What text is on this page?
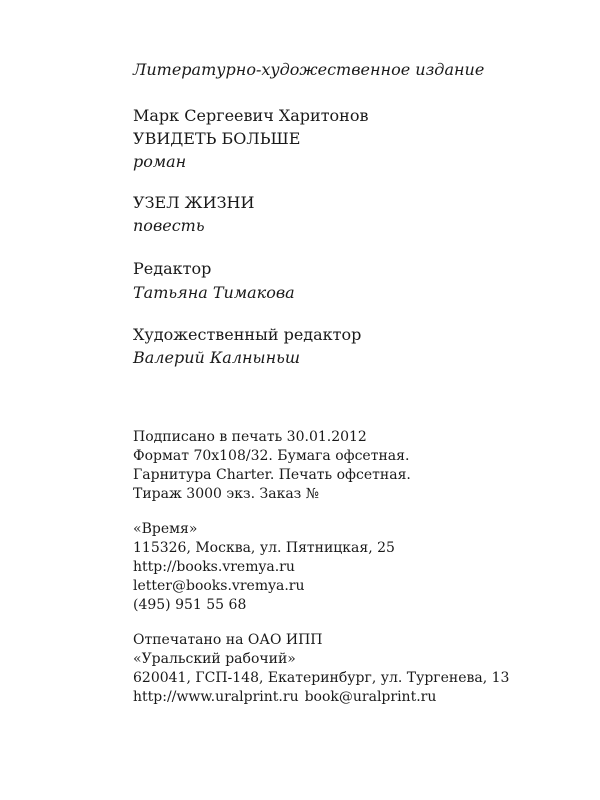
Литературно-художественное издание
Марк Сергеевич Харитонов
УВИДЕТЬ БОЛЬШЕ
роман
УЗЕЛ ЖИЗНИ
повесть
Редактор
Татьяна Тимакова
Художественный редактор
Валерий Калныньш
Подписано в печать 30.01.2012
Формат 70x108/32. Бумага офсетная.
Гарнитура Charter. Печать офсетная.
Тираж 3000 экз. Заказ №
«Время»
115326, Москва, ул. Пятницкая, 25
http://books.vremya.ru
letter@books.vremya.ru
(495) 951 55 68
Отпечатано на ОАО ИПП
«Уральский рабочий»
620041, ГСП-148, Екатеринбург, ул. Тургенева, 13
http://www.uralprint.ru book@uralprint.ru
